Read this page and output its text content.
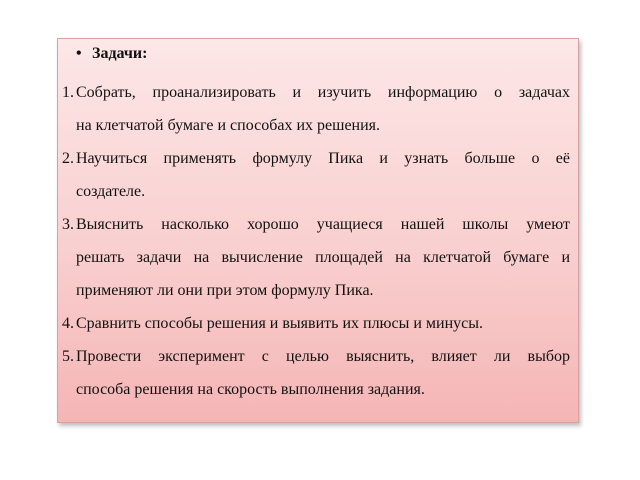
• Задачи:
1. Собрать, проанализировать и изучить информацию о задачах
на клетчатой бумаге и способах их решения.
2. Научиться применять формулу Пика и узнать больше о её
создателе.
3. Выяснить насколько хорошо учащиеся нашей школы умеют
решать задачи на вычисление площадей на клетчатой бумаге и
применяют ли они при этом формулу Пика.
4. Сравнить способы решения и выявить их плюсы и минусы.
5. Провести эксперимент с целью выяснить, влияет ли выбор
способа решения на скорость выполнения задания.
